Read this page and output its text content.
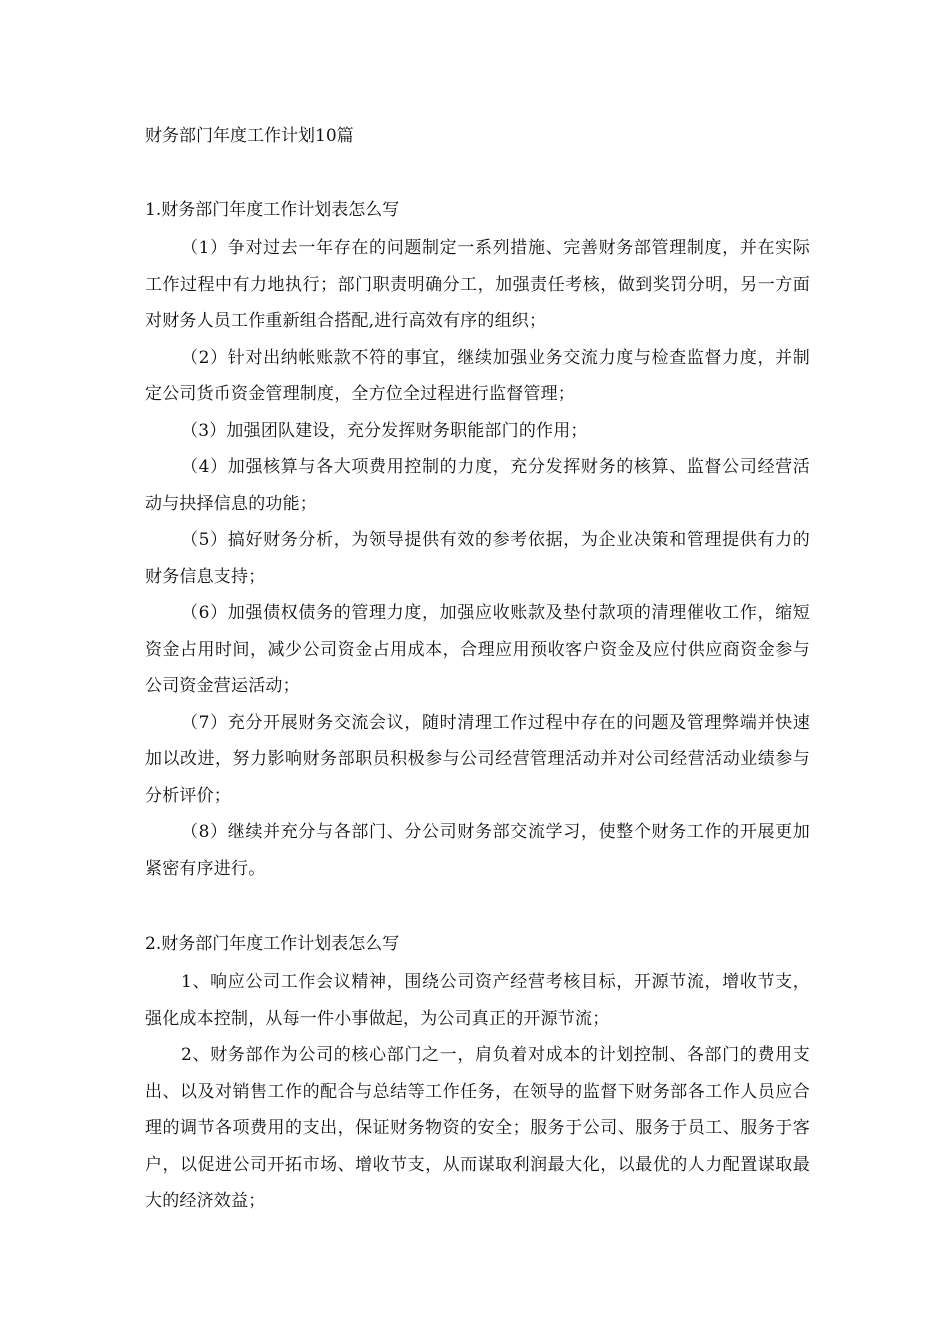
财务部门年度工作计划10篇
1.财务部门年度工作计划表怎么写

（1）争对过去一年存在的问题制定一系列措施、完善财务部管理制度，并在实际工作过程中有力地执行；部门职责明确分工，加强责任考核，做到奖罚分明，另一方面对财务人员工作重新组合搭配,进行高效有序的组织；

（2）针对出纳帐账款不符的事宜，继续加强业务交流力度与检查监督力度，并制定公司货币资金管理制度，全方位全过程进行监督管理；

（3）加强团队建设，充分发挥财务职能部门的作用；

（4）加强核算与各大项费用控制的力度，充分发挥财务的核算、监督公司经营活动与抉择信息的功能；

（5）搞好财务分析，为领导提供有效的参考依据，为企业决策和管理提供有力的财务信息支持；

（6）加强债权债务的管理力度，加强应收账款及垫付款项的清理催收工作，缩短资金占用时间，减少公司资金占用成本，合理应用预收客户资金及应付供应商资金参与公司资金营运活动；

（7）充分开展财务交流会议，随时清理工作过程中存在的问题及管理弊端并快速加以改进，努力影响财务部职员积极参与公司经营管理活动并对公司经营活动业绩参与分析评价；

（8）继续并充分与各部门、分公司财务部交流学习，使整个财务工作的开展更加紧密有序进行。

2.财务部门年度工作计划表怎么写

1、响应公司工作会议精神，围绕公司资产经营考核目标，开源节流，增收节支，强化成本控制，从每一件小事做起，为公司真正的开源节流；

2、财务部作为公司的核心部门之一，肩负着对成本的计划控制、各部门的费用支出、以及对销售工作的配合与总结等工作任务，在领导的监督下财务部各工作人员应合理的调节各项费用的支出，保证财务物资的安全；服务于公司、服务于员工、服务于客户，以促进公司开拓市场、增收节支，从而谋取利润最大化，以最优的人力配置谋取最大的经济效益；
